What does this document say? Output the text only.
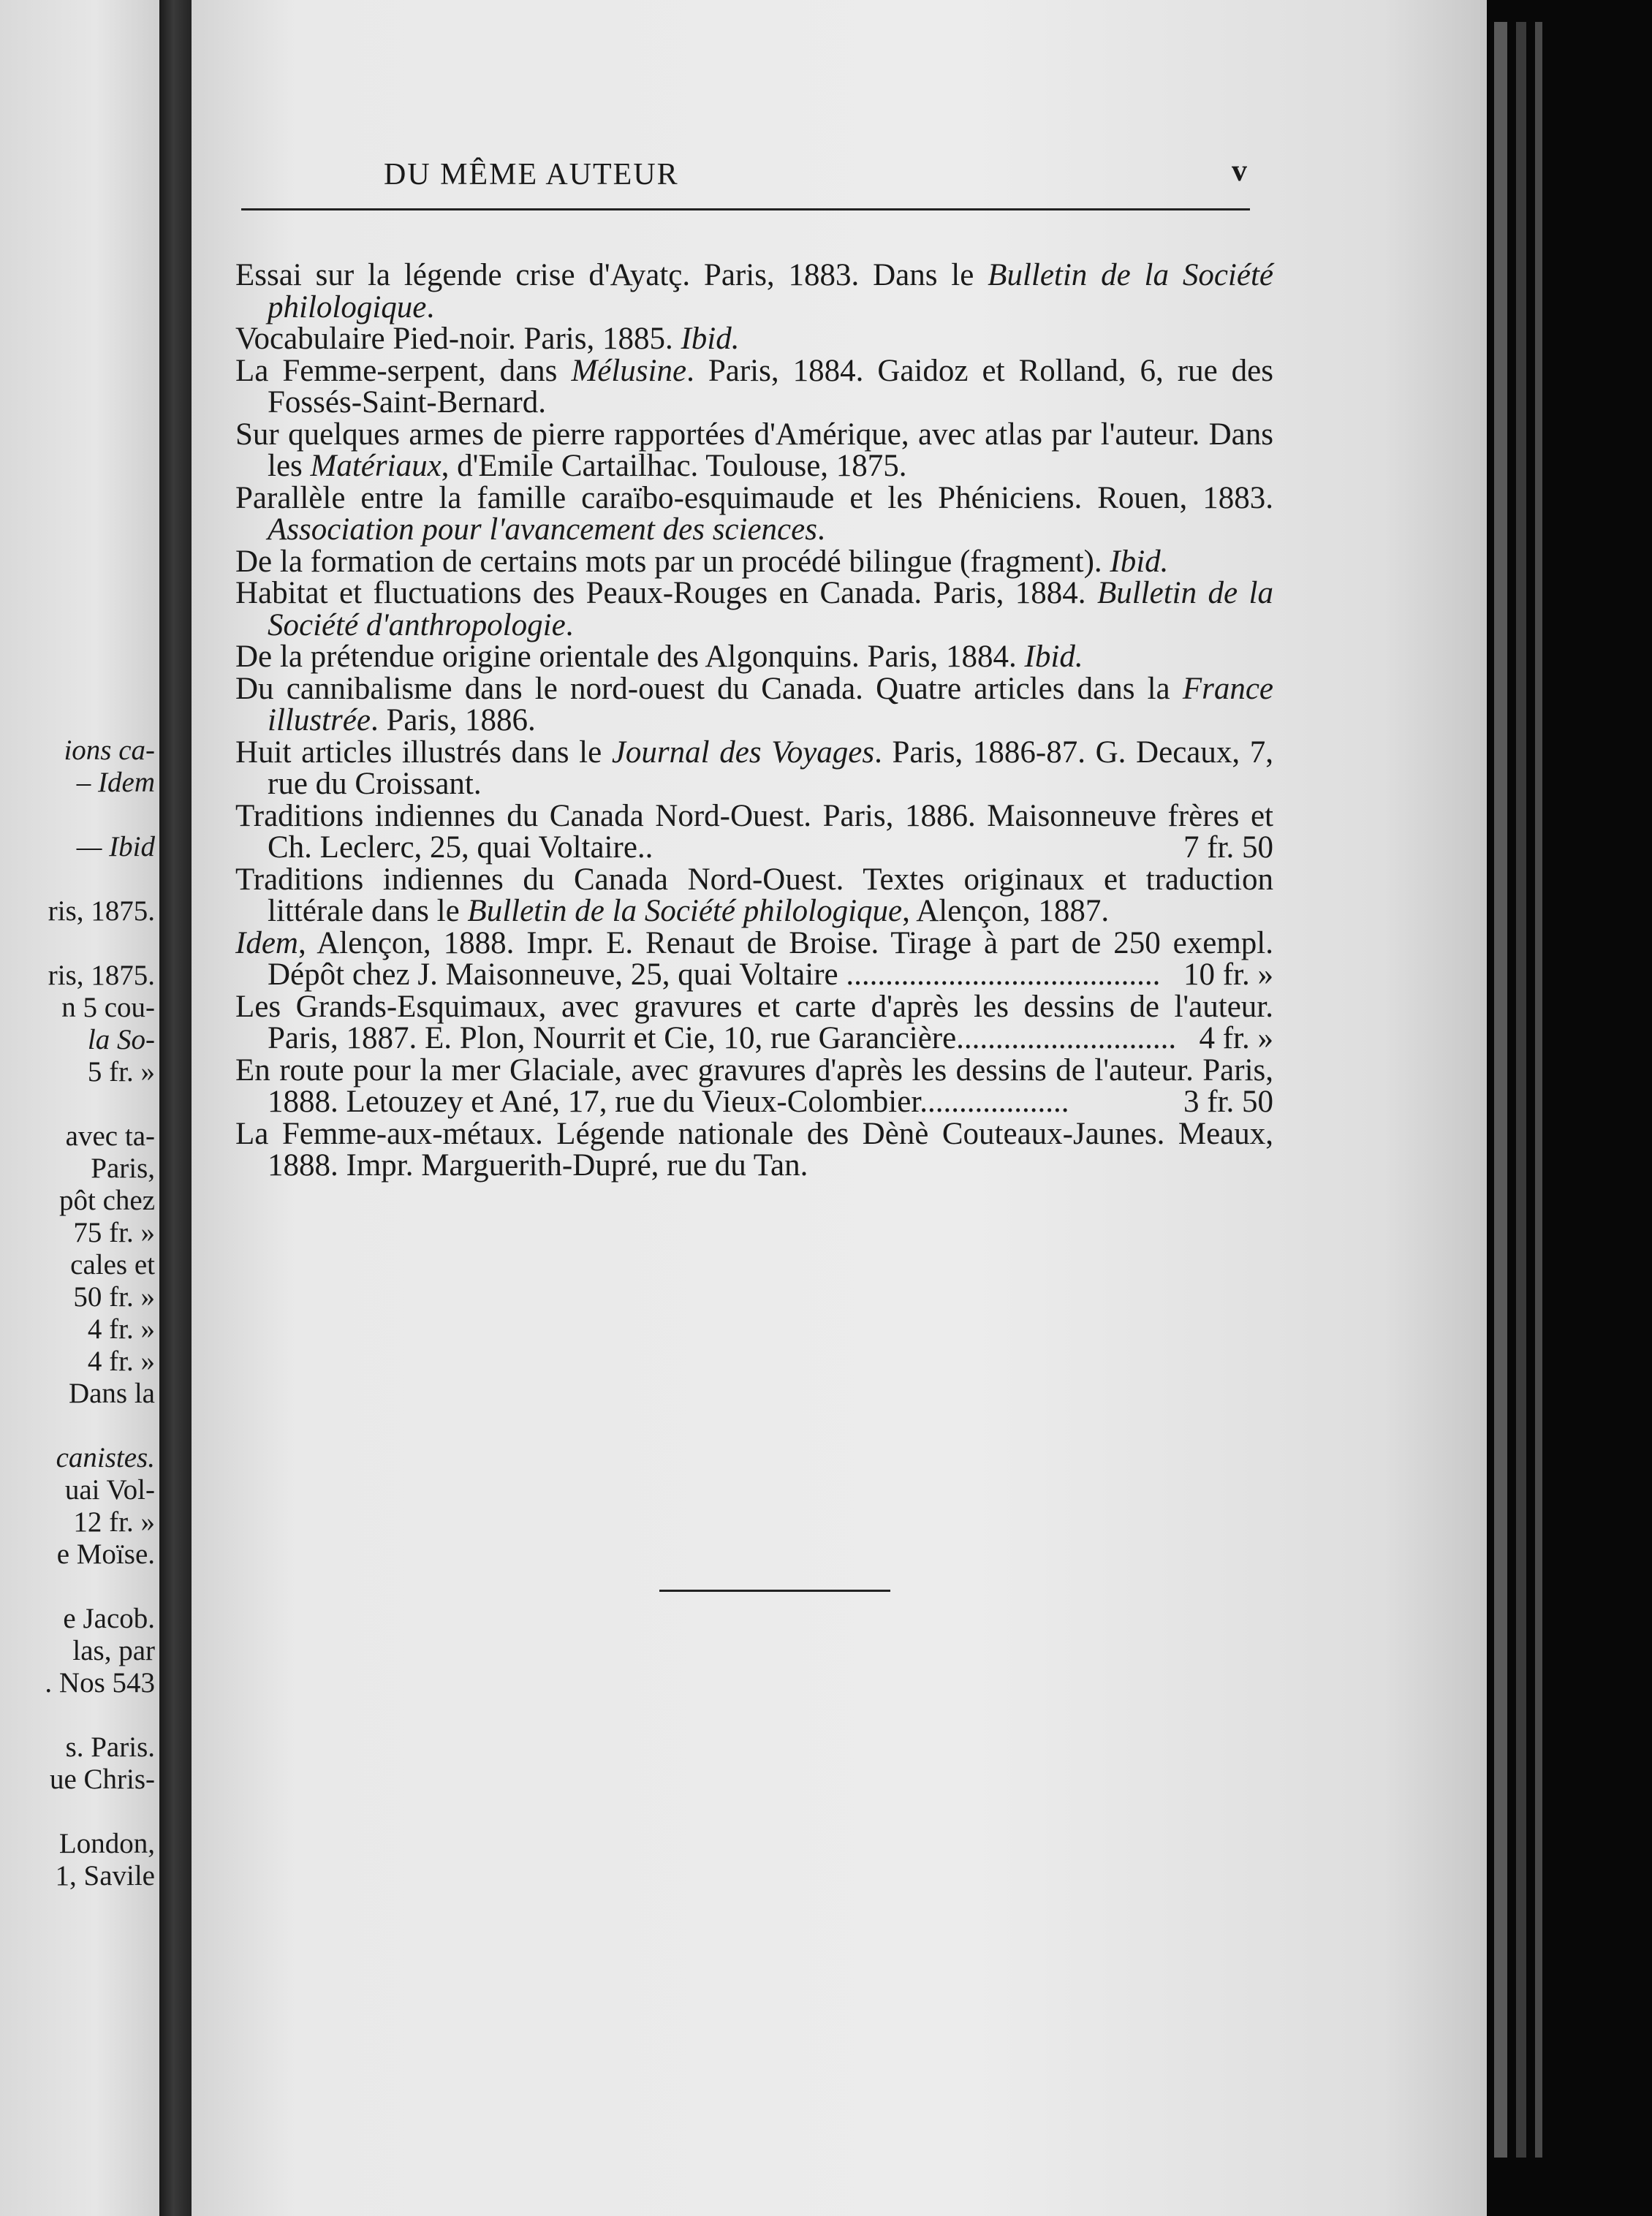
ions ca-
– Idem
— Ibid
ris, 1875.
ris, 1875.
n 5 cou-
la So-
5 fr. »
avec ta-
Paris,
pôt chez
75 fr. »
cales et
50 fr. »
4 fr. »
4 fr. »
Dans la
canistes.
uai Vol-
12 fr. »
e Moïse.
e Jacob.
las, par
. Nos 543
s. Paris.
ue Chris-
London,
1, Savile
DU MÊME AUTEUR	v

Essai sur la légende crise d'Ayatç. Paris, 1883. Dans le Bulletin de la Société philologique.

Vocabulaire Pied-noir. Paris, 1885. Ibid.

La Femme-serpent, dans Mélusine. Paris, 1884. Gaidoz et Rolland, 6, rue des Fossés-Saint-Bernard.

Sur quelques armes de pierre rapportées d'Amérique, avec atlas par l'auteur. Dans les Matériaux, d'Emile Cartailhac. Toulouse, 1875.

Parallèle entre la famille caraïbo-esquimaude et les Phéniciens. Rouen, 1883. Association pour l'avancement des sciences.

De la formation de certains mots par un procédé bilingue (fragment). Ibid.

Habitat et fluctuations des Peaux-Rouges en Canada. Paris, 1884. Bulletin de la Société d'anthropologie.

De la prétendue origine orientale des Algonquins. Paris, 1884. Ibid.

Du cannibalisme dans le nord-ouest du Canada. Quatre articles dans la France illustrée. Paris, 1886.

Huit articles illustrés dans le Journal des Voyages. Paris, 1886-87. G. Decaux, 7, rue du Croissant.

Traditions indiennes du Canada Nord-Ouest. Paris, 1886. Maisonneuve frères et Ch. Leclerc, 25, quai Voltaire..	7 fr. 50

Traditions indiennes du Canada Nord-Ouest. Textes originaux et traduction littérale dans le Bulletin de la Société philologique, Alençon, 1887.

Idem, Alençon, 1888. Impr. E. Renaut de Broise. Tirage à part de 250 exempl. Dépôt chez J. Maisonneuve, 25, quai Voltaire ........................................ 10 fr. »

Les Grands-Esquimaux, avec gravures et carte d'après les dessins de l'auteur. Paris, 1887. E. Plon, Nourrit et Cie, 10, rue Garancière............................ 4 fr. »

En route pour la mer Glaciale, avec gravures d'après les dessins de l'auteur. Paris, 1888. Letouzey et Ané, 17, rue du Vieux-Colombier...................	3 fr. 50

La Femme-aux-métaux. Légende nationale des Dènè Couteaux-Jaunes. Meaux, 1888. Impr. Marguerith-Dupré, rue du Tan.
